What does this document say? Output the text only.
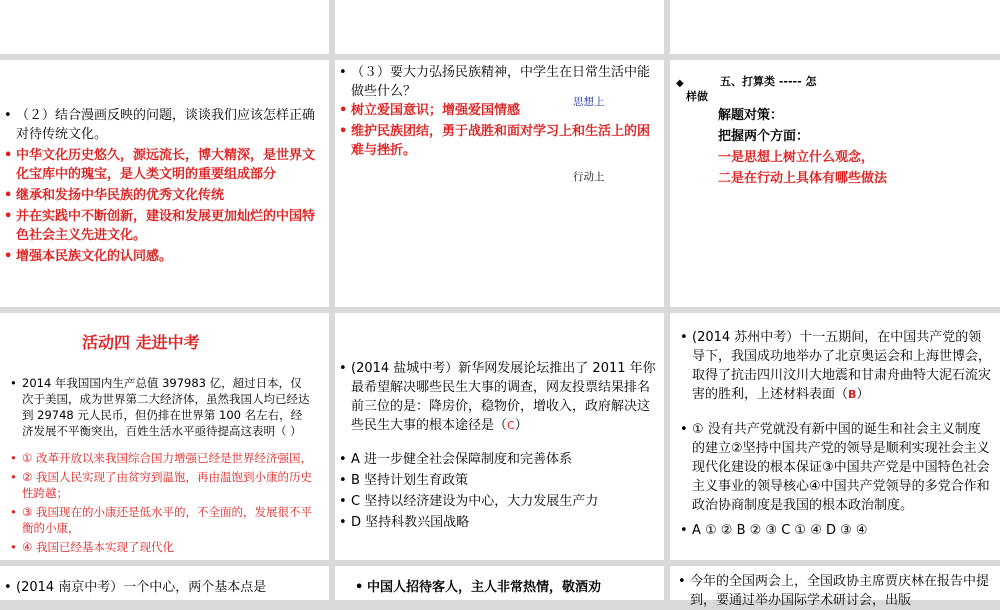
• （２）结合漫画反映的问题，谈谈我们应该怎样正确对待传统文化。
• 中华文化历史悠久，源远流长，博大精深，是世界文化宝库中的瑰宝，是人类文明的重要组成部分
• 继承和发扬中华民族的优秀文化传统
• 并在实践中不断创新，建设和发展更加灿烂的中国特色社会主义先进文化。
• 增强本民族文化的认同感。
• （３）要大力弘扬民族精神，中学生在日常生活中能做些什么？
• 树立爱国意识；增强爱国情感
• 维护民族团结，勇于战胜和面对学习上和生活上的困难与挫折。
思想上
行动上
◆	五、打算类 ----- 怎
样做
解题对策：
把握两个方面：
一是思想上树立什么观念，
二是在行动上具体有哪些做法
活动四 走进中考
• 2014 年我国国内生产总值 397983 亿，超过日本，仅次于美国，成为世界第二大经济体，虽然我国人均已经达到 29748 元人民币，但仍排在世界第 100 名左右，经济发展不平衡突出，百姓生活水平亟待提高这表明（ ）
• ① 改革开放以来我国综合国力增强已经是世界经济强国，
• ② 我国人民实现了由贫穷到温饱，再由温饱到小康的历史性跨越；
• ③ 我国现在的小康还是低水平的，不全面的，发展很不平衡的小康，
• ④ 我国已经基本实现了现代化
• (2014 盐城中考）新华网发展论坛推出了 2011 年你最希望解决哪些民生大事的调查，网友投票结果排名前三位的是：降房价，稳物价，增收入，政府解决这些民生大事的根本途径是（C）
• A 进一步健全社会保障制度和完善体系
• B 坚持计划生育政策
• C 坚持以经济建设为中心，大力发展生产力
• D 坚持科教兴国战略
• (2014 苏州中考）十一五期间，在中国共产党的领导下，我国成功地举办了北京奥运会和上海世博会，取得了抗击四川汶川大地震和甘肃舟曲特大泥石流灾害的胜利，上述材料表面（B）
• ① 没有共产党就没有新中国的诞生和社会主义制度的建立②坚持中国共产党的领导是顺利实现社会主义现代化建设的根本保证③中国共产党是中国特色社会主义事业的领导核心④中国共产党领导的多党合作和政治协商制度是我国的根本政治制度。
• A ① ② B ② ③ C ① ④ D ③ ④
• (2014 南京中考）一个中心，两个基本点是	• 中国人招待客人，主人非常热情，敬酒劝	• 今年的全国两会上，全国政协主席贾庆林在报告中提到，要通过举办国际学术研讨会，出版
